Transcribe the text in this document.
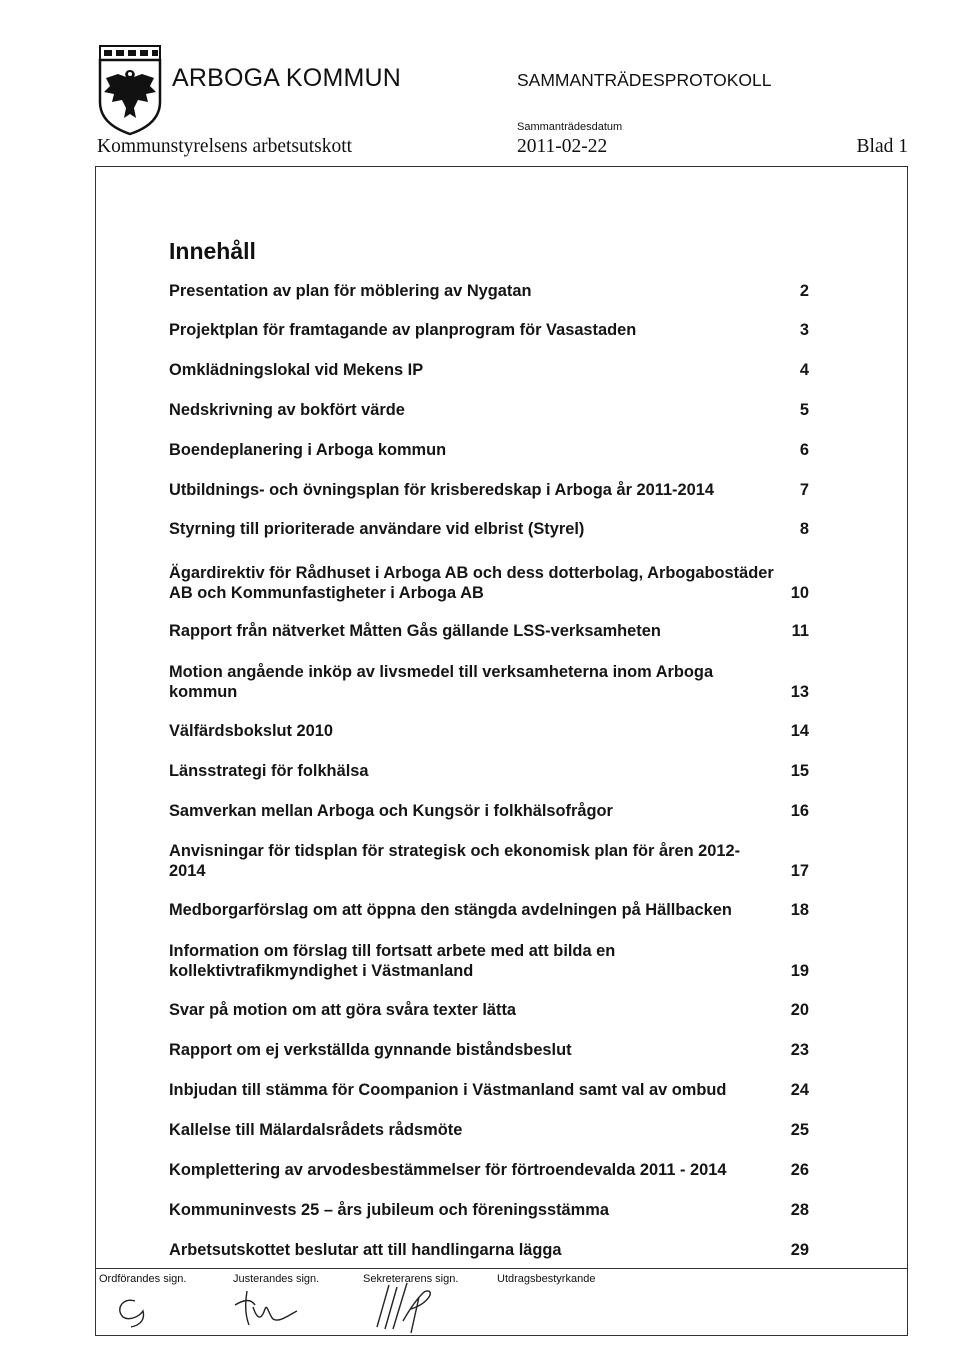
ARBOGA KOMMUN	SAMMANTRÄDESPROTOKOLL
Sammanträdesdatum
Kommunstyrelsens arbetsutskott	2011-02-22	Blad 1
Innehåll
Presentation av plan för möblering av Nygatan	2
Projektplan för framtagande av planprogram för Vasastaden	3
Omklädningslokal vid Mekens IP	4
Nedskrivning av bokfört värde	5
Boendeplanering i Arboga kommun	6
Utbildnings- och övningsplan för krisberedskap i Arboga år 2011-2014	7
Styrning till prioriterade användare vid elbrist (Styrel)	8
Ägardirektiv för Rådhuset i Arboga AB och dess dotterbolag, Arbogabostäder AB och Kommunfastigheter i Arboga AB	10
Rapport från nätverket Måtten Gås gällande LSS-verksamheten	11
Motion angående inköp av livsmedel till verksamheterna inom Arboga kommun	13
Välfärdsbokslut 2010	14
Länsstrategi för folkhälsa	15
Samverkan mellan Arboga och Kungsör i folkhälsofrågor	16
Anvisningar för tidsplan för strategisk och ekonomisk plan för åren 2012-2014	17
Medborgarförslag om att öppna den stängda avdelningen på Hällbacken	18
Information om förslag till fortsatt arbete med att bilda en kollektivtrafikmyndighet i Västmanland	19
Svar på motion om att göra svåra texter lätta	20
Rapport om ej verkställda gynnande biståndsbeslut	23
Inbjudan till stämma för Coompanion i Västmanland samt val av ombud	24
Kallelse till Mälardalsrådets rådsmöte	25
Komplettering av arvodesbestämmelser för förtroendevalda 2011 - 2014	26
Kommuninvests 25 – års jubileum och föreningsstämma	28
Arbetsutskottet beslutar att till handlingarna lägga	29
Ordförandes sign.	Justerandes sign.	Sekreterarens sign.	Utdragsbestyrkande
